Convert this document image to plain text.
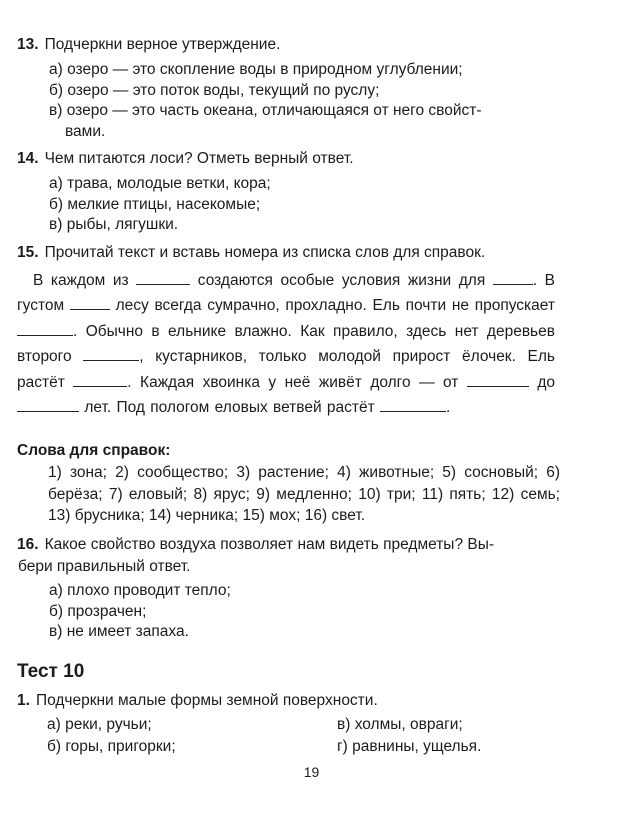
13. Подчеркни верное утверждение.
а) озеро — это скопление воды в природном углублении;
б) озеро — это поток воды, текущий по руслу;
в) озеро — это часть океана, отличающаяся от него свойст-
вами.
14. Чем питаются лоси? Отметь верный ответ.
а) трава, молодые ветки, кора;
б) мелкие птицы, насекомые;
в) рыбы, лягушки.
15. Прочитай текст и вставь номера из списка слов для справок.
В каждом из	создаются особые условия жизни для	. В густом	лесу всегда сумрачно, прохладно. Ель почти не пропускает . Обычно в ельнике влажно. Как правило, здесь нет деревьев второго	, кустарников, только молодой прирост ёлочек. Ель растёт	. Каждая хвоинка у неё живёт долго — от	до  лет. Под пологом еловых ветвей растёт	.
Слова для справок:
1) зона; 2) сообщество; 3) растение; 4) животные; 5) сосновый; 6) берёза; 7) еловый; 8) ярус; 9) медленно; 10) три; 11) пять; 12) семь; 13) брусника; 14) черника; 15) мох; 16) свет.
16. Какое свойство воздуха позволяет нам видеть предметы? Вы-
бери правильный ответ.
а) плохо проводит тепло;
б) прозрачен;
в) не имеет запаха.
Тест 10
1. Подчеркни малые формы земной поверхности.
а) реки, ручьи;	в) холмы, овраги;
б) горы, пригорки;	г) равнины, ущелья.
19
